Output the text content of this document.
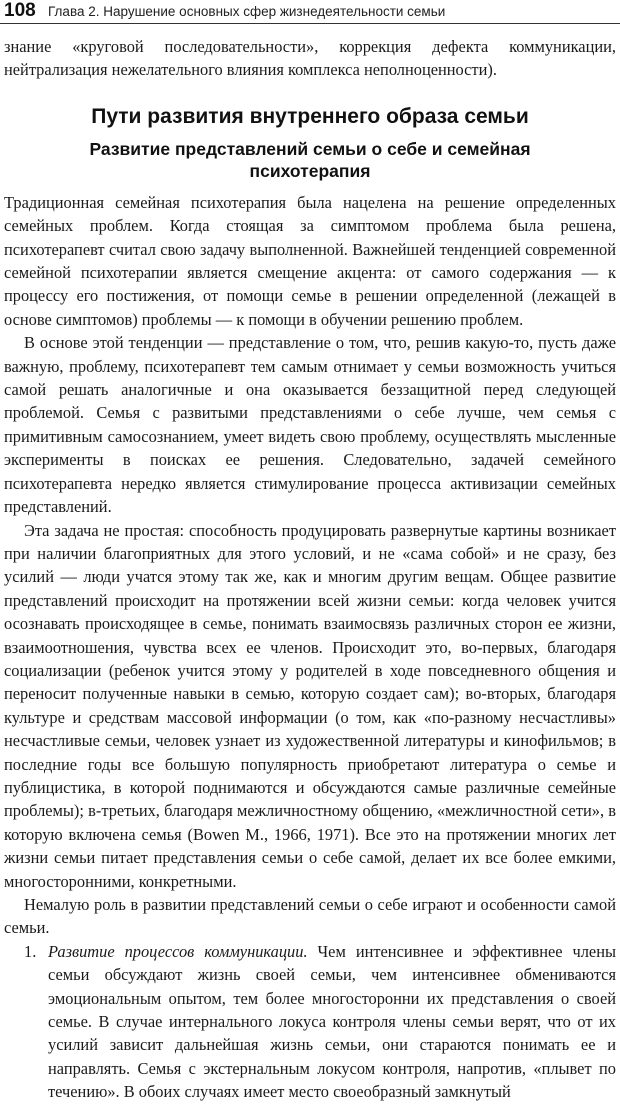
108 Глава 2. Нарушение основных сфер жизнедеятельности семьи

знание «круговой последовательности», коррекция дефекта коммуникации, нейтрализация нежелательного влияния комплекса неполноценности).

Пути развития внутреннего образа семьи
Развитие представлений семьи о себе и семейная
психотерапия

Традиционная семейная психотерапия была нацелена на решение определенных семейных проблем. Когда стоящая за симптомом проблема была решена, психотерапевт считал свою задачу выполненной. Важнейшей тенденцией современной семейной психотерапии является смещение акцента: от самого содержания — к процессу его постижения, от помощи семье в решении определенной (лежащей в основе симптомов) проблемы — к помощи в обучении решению проблем.

В основе этой тенденции — представление о том, что, решив какую-то, пусть даже важную, проблему, психотерапевт тем самым отнимает у семьи возможность учиться самой решать аналогичные и она оказывается беззащитной перед следующей проблемой. Семья с развитыми представлениями о себе лучше, чем семья с примитивным самосознанием, умеет видеть свою проблему, осуществлять мысленные эксперименты в поисках ее решения. Следовательно, задачей семейного психотерапевта нередко является стимулирование процесса активизации семейных представлений.

Эта задача не простая: способность продуцировать развернутые картины возникает при наличии благоприятных для этого условий, и не «сама собой» и не сразу, без усилий — люди учатся этому так же, как и многим другим вещам. Общее развитие представлений происходит на протяжении всей жизни семьи: когда человек учится осознавать происходящее в семье, понимать взаимосвязь различных сторон ее жизни, взаимоотношения, чувства всех ее членов. Происходит это, во-первых, благодаря социализации (ребенок учится этому у родителей в ходе повседневного общения и переносит полученные навыки в семью, которую создает сам); во-вторых, благодаря культуре и средствам массовой информации (о том, как «по-разному несчастливы» несчастливые семьи, человек узнает из художественной литературы и кинофильмов; в последние годы все большую популярность приобретают литература о семье и публицистика, в которой поднимаются и обсуждаются самые различные семейные проблемы); в-третьих, благодаря межличностному общению, «межличностной сети», в которую включена семья (Bowen M., 1966, 1971). Все это на протяжении многих лет жизни семьи питает представления семьи о себе самой, делает их все более емкими, многосторонними, конкретными.

Немалую роль в развитии представлений семьи о себе играют и особенности самой семьи.

1. Развитие процессов коммуникации. Чем интенсивнее и эффективнее члены семьи обсуждают жизнь своей семьи, чем интенсивнее обмениваются эмоциональным опытом, тем более многосторонни их представления о своей семье. В случае интернального локуса контроля члены семьи верят, что от их усилий зависит дальнейшая жизнь семьи, они стараются понимать ее и направлять. Семья с экстернальным локусом контроля, напротив, «плывет по течению». В обоих случаях имеет место своеобразный замкнутый
